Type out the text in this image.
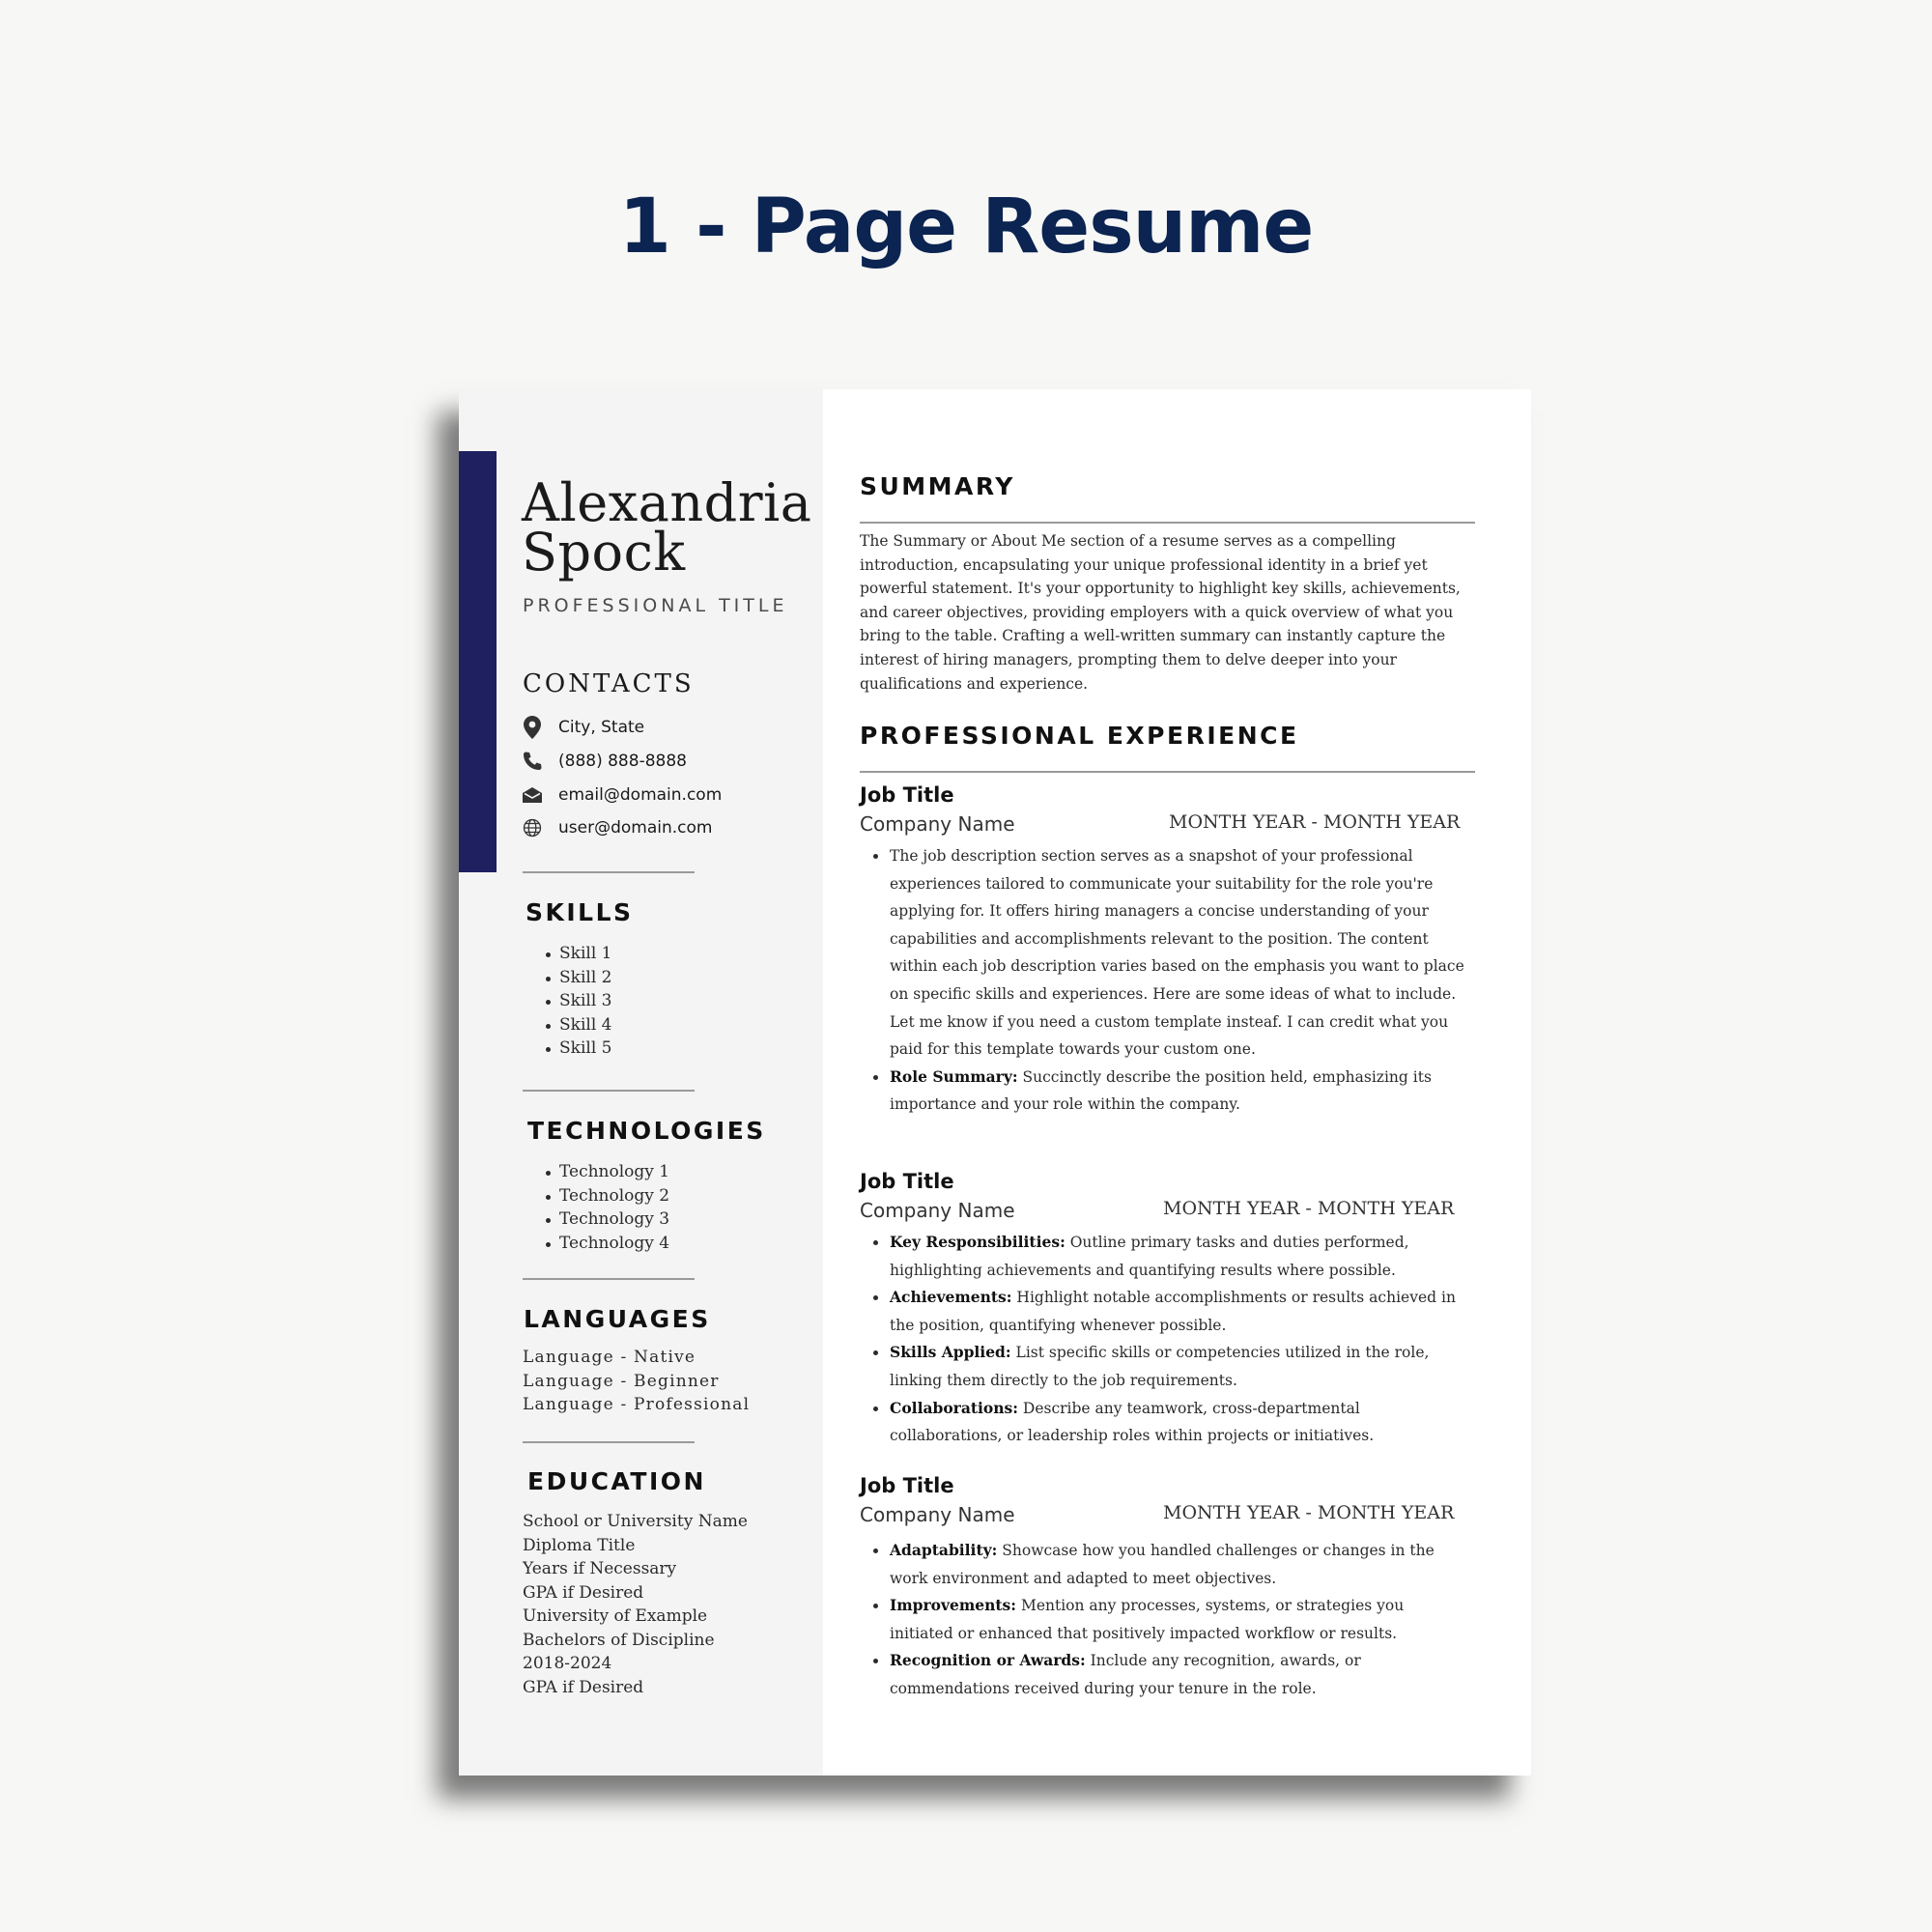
1 - Page Resume
Alexandria
Spock
PROFESSIONAL TITLE
CONTACTS
City, State
(888) 888-8888
email@domain.com
user@domain.com
SKILLS
Skill 1
Skill 2
Skill 3
Skill 4
Skill 5
TECHNOLOGIES
Technology 1
Technology 2
Technology 3
Technology 4
LANGUAGES
Language - Native
Language - Beginner
Language - Professional
EDUCATION
School or University Name
Diploma Title
Years if Necessary
GPA if Desired
University of Example
Bachelors of Discipline
2018-2024
GPA if Desired
SUMMARY
The Summary or About Me section of a resume serves as a compelling introduction, encapsulating your unique professional identity in a brief yet powerful statement. It's your opportunity to highlight key skills, achievements, and career objectives, providing employers with a quick overview of what you bring to the table. Crafting a well-written summary can instantly capture the interest of hiring managers, prompting them to delve deeper into your qualifications and experience.
PROFESSIONAL EXPERIENCE
Job Title
Company Name	MONTH YEAR - MONTH YEAR
The job description section serves as a snapshot of your professional experiences tailored to communicate your suitability for the role you're applying for. It offers hiring managers a concise understanding of your capabilities and accomplishments relevant to the position. The content within each job description varies based on the emphasis you want to place on specific skills and experiences. Here are some ideas of what to include. Let me know if you need a custom template insteaf. I can credit what you paid for this template towards your custom one.
Role Summary: Succinctly describe the position held, emphasizing its importance and your role within the company.
Job Title
Company Name	MONTH YEAR - MONTH YEAR
Key Responsibilities: Outline primary tasks and duties performed, highlighting achievements and quantifying results where possible.
Achievements: Highlight notable accomplishments or results achieved in the position, quantifying whenever possible.
Skills Applied: List specific skills or competencies utilized in the role, linking them directly to the job requirements.
Collaborations: Describe any teamwork, cross-departmental collaborations, or leadership roles within projects or initiatives.
Job Title
Company Name	MONTH YEAR - MONTH YEAR
Adaptability: Showcase how you handled challenges or changes in the work environment and adapted to meet objectives.
Improvements: Mention any processes, systems, or strategies you initiated or enhanced that positively impacted workflow or results.
Recognition or Awards: Include any recognition, awards, or commendations received during your tenure in the role.
